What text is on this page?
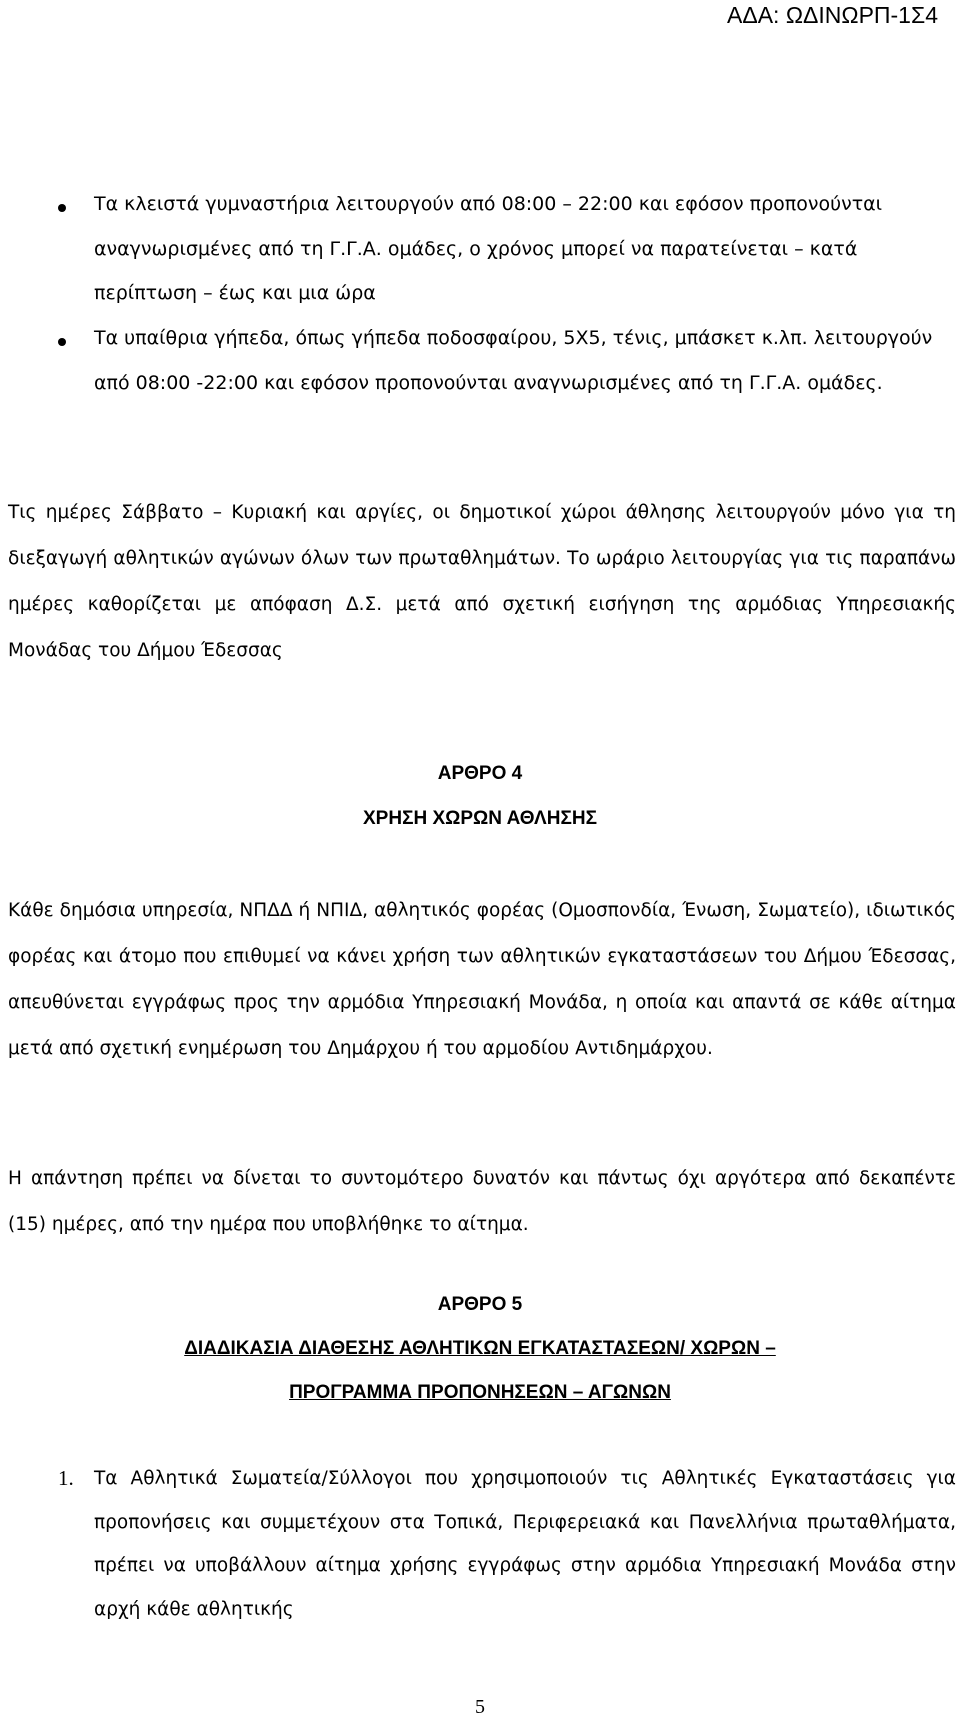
ΑΔΑ: ΩΔΙΝΩΡΠ-1Σ4
Τα κλειστά γυμναστήρια λειτουργούν από 08:00 – 22:00 και εφόσον προπονούνται αναγνωρισμένες από τη Γ.Γ.Α. ομάδες, ο χρόνος μπορεί να παρατείνεται – κατά περίπτωση – έως και μια ώρα
Τα υπαίθρια γήπεδα, όπως γήπεδα ποδοσφαίρου, 5Χ5, τένις, μπάσκετ κ.λπ. λειτουργούν από 08:00 -22:00 και εφόσον προπονούνται αναγνωρισμένες από τη Γ.Γ.Α. ομάδες.
Τις ημέρες Σάββατο – Κυριακή και αργίες, οι δημοτικοί χώροι άθλησης λειτουργούν μόνο για τη διεξαγωγή αθλητικών αγώνων όλων των πρωταθλημάτων. Το ωράριο λειτουργίας για τις παραπάνω ημέρες καθορίζεται με απόφαση Δ.Σ. μετά από σχετική εισήγηση της αρμόδιας Υπηρεσιακής Μονάδας του Δήμου Έδεσσας
ΑΡΘΡΟ 4
ΧΡΗΣΗ ΧΩΡΩΝ ΑΘΛΗΣΗΣ
Κάθε δημόσια υπηρεσία, ΝΠΔΔ ή ΝΠΙΔ, αθλητικός φορέας (Ομοσπονδία, Ένωση, Σωματείο), ιδιωτικός φορέας και άτομο που επιθυμεί να κάνει χρήση των αθλητικών εγκαταστάσεων του Δήμου Έδεσσας, απευθύνεται εγγράφως προς την αρμόδια Υπηρεσιακή Μονάδα, η οποία και απαντά σε κάθε αίτημα μετά από σχετική ενημέρωση του Δημάρχου ή του αρμοδίου Αντιδημάρχου.
Η απάντηση πρέπει να δίνεται το συντομότερο δυνατόν και πάντως όχι αργότερα από δεκαπέντε (15) ημέρες, από την ημέρα που υποβλήθηκε το αίτημα.
ΑΡΘΡΟ 5
ΔΙΑΔΙΚΑΣΙΑ ΔΙΑΘΕΣΗΣ ΑΘΛΗΤΙΚΩΝ ΕΓΚΑΤΑΣΤΑΣΕΩΝ/ ΧΩΡΩΝ –
ΠΡΟΓΡΑΜΜΑ ΠΡΟΠΟΝΗΣΕΩΝ – ΑΓΩΝΩΝ
1. Τα Αθλητικά Σωματεία/Σύλλογοι που χρησιμοποιούν τις Αθλητικές Εγκαταστάσεις για προπονήσεις και συμμετέχουν στα Τοπικά, Περιφερειακά και Πανελλήνια πρωταθλήματα, πρέπει να υποβάλλουν αίτημα χρήσης εγγράφως στην αρμόδια Υπηρεσιακή Μονάδα στην αρχή κάθε αθλητικής
5
